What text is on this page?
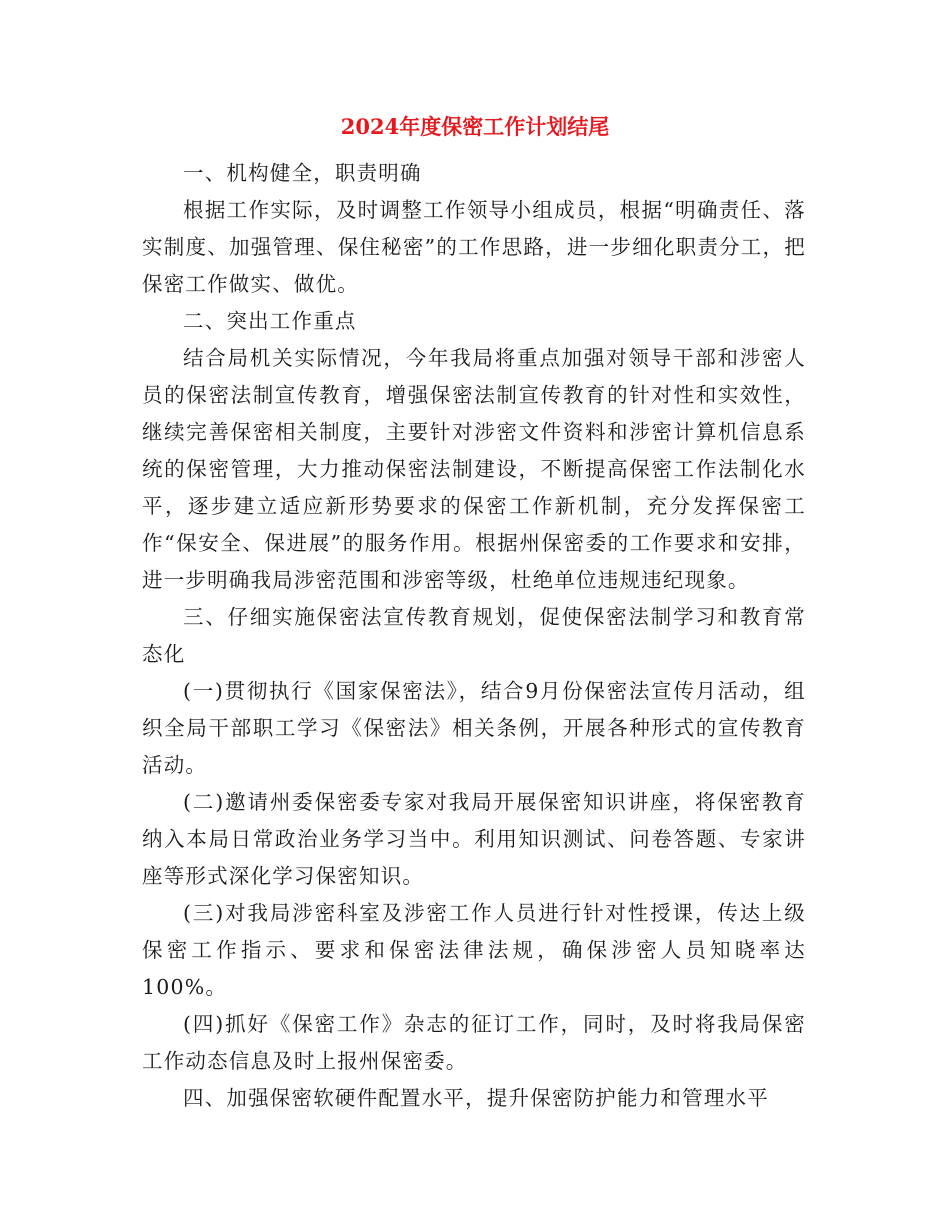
2024年度保密工作计划结尾

一、机构健全，职责明确

根据工作实际，及时调整工作领导小组成员，根据“明确责任、落实制度、加强管理、保住秘密”的工作思路，进一步细化职责分工，把保密工作做实、做优。

二、突出工作重点

结合局机关实际情况，今年我局将重点加强对领导干部和涉密人员的保密法制宣传教育，增强保密法制宣传教育的针对性和实效性，继续完善保密相关制度，主要针对涉密文件资料和涉密计算机信息系统的保密管理，大力推动保密法制建设，不断提高保密工作法制化水平，逐步建立适应新形势要求的保密工作新机制，充分发挥保密工作“保安全、保进展”的服务作用。根据州保密委的工作要求和安排，进一步明确我局涉密范围和涉密等级，杜绝单位违规违纪现象。

三、仔细实施保密法宣传教育规划，促使保密法制学习和教育常态化

(一)贯彻执行《国家保密法》，结合9月份保密法宣传月活动，组织全局干部职工学习《保密法》相关条例，开展各种形式的宣传教育活动。

(二)邀请州委保密委专家对我局开展保密知识讲座，将保密教育纳入本局日常政治业务学习当中。利用知识测试、问卷答题、专家讲座等形式深化学习保密知识。

(三)对我局涉密科室及涉密工作人员进行针对性授课，传达上级保密工作指示、要求和保密法律法规，确保涉密人员知晓率达100%。

(四)抓好《保密工作》杂志的征订工作，同时，及时将我局保密工作动态信息及时上报州保密委。

四、加强保密软硬件配置水平，提升保密防护能力和管理水平
